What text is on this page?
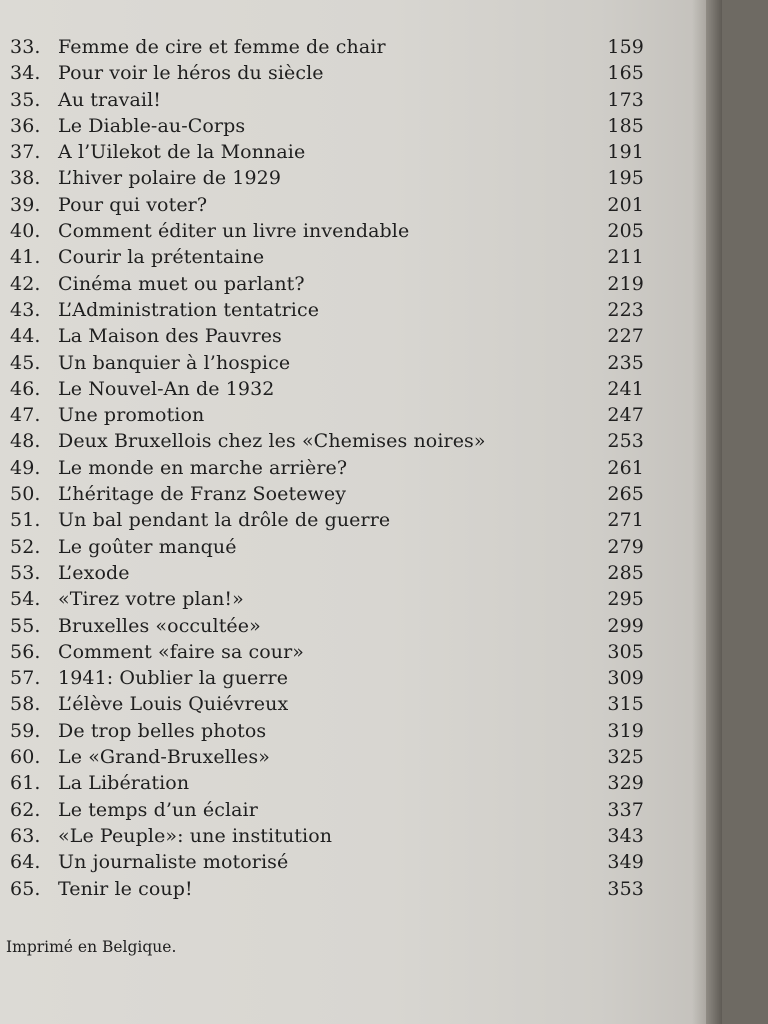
33. Femme de cire et femme de chair	159
34. Pour voir le héros du siècle	165
35. Au travail!	173
36. Le Diable-au-Corps	185
37. A l’Uilekot de la Monnaie	191
38. L’hiver polaire de 1929	195
39. Pour qui voter?	201
40. Comment éditer un livre invendable	205
41. Courir la prétentaine	211
42. Cinéma muet ou parlant?	219
43. L’Administration tentatrice	223
44. La Maison des Pauvres	227
45. Un banquier à l’hospice	235
46. Le Nouvel-An de 1932	241
47. Une promotion	247
48. Deux Bruxellois chez les «Chemises noires»	253
49. Le monde en marche arrière?	261
50. L’héritage de Franz Soetewey	265
51. Un bal pendant la drôle de guerre	271
52. Le goûter manqué	279
53. L’exode	285
54. «Tirez votre plan!»	295
55. Bruxelles «occultée»	299
56. Comment «faire sa cour»	305
57. 1941: Oublier la guerre	309
58. L’élève Louis Quiévreux	315
59. De trop belles photos	319
60. Le «Grand-Bruxelles»	325
61. La Libération	329
62. Le temps d’un éclair	337
63. «Le Peuple»: une institution	343
64. Un journaliste motorisé	349
65. Tenir le coup!	353
Imprimé en Belgique.
